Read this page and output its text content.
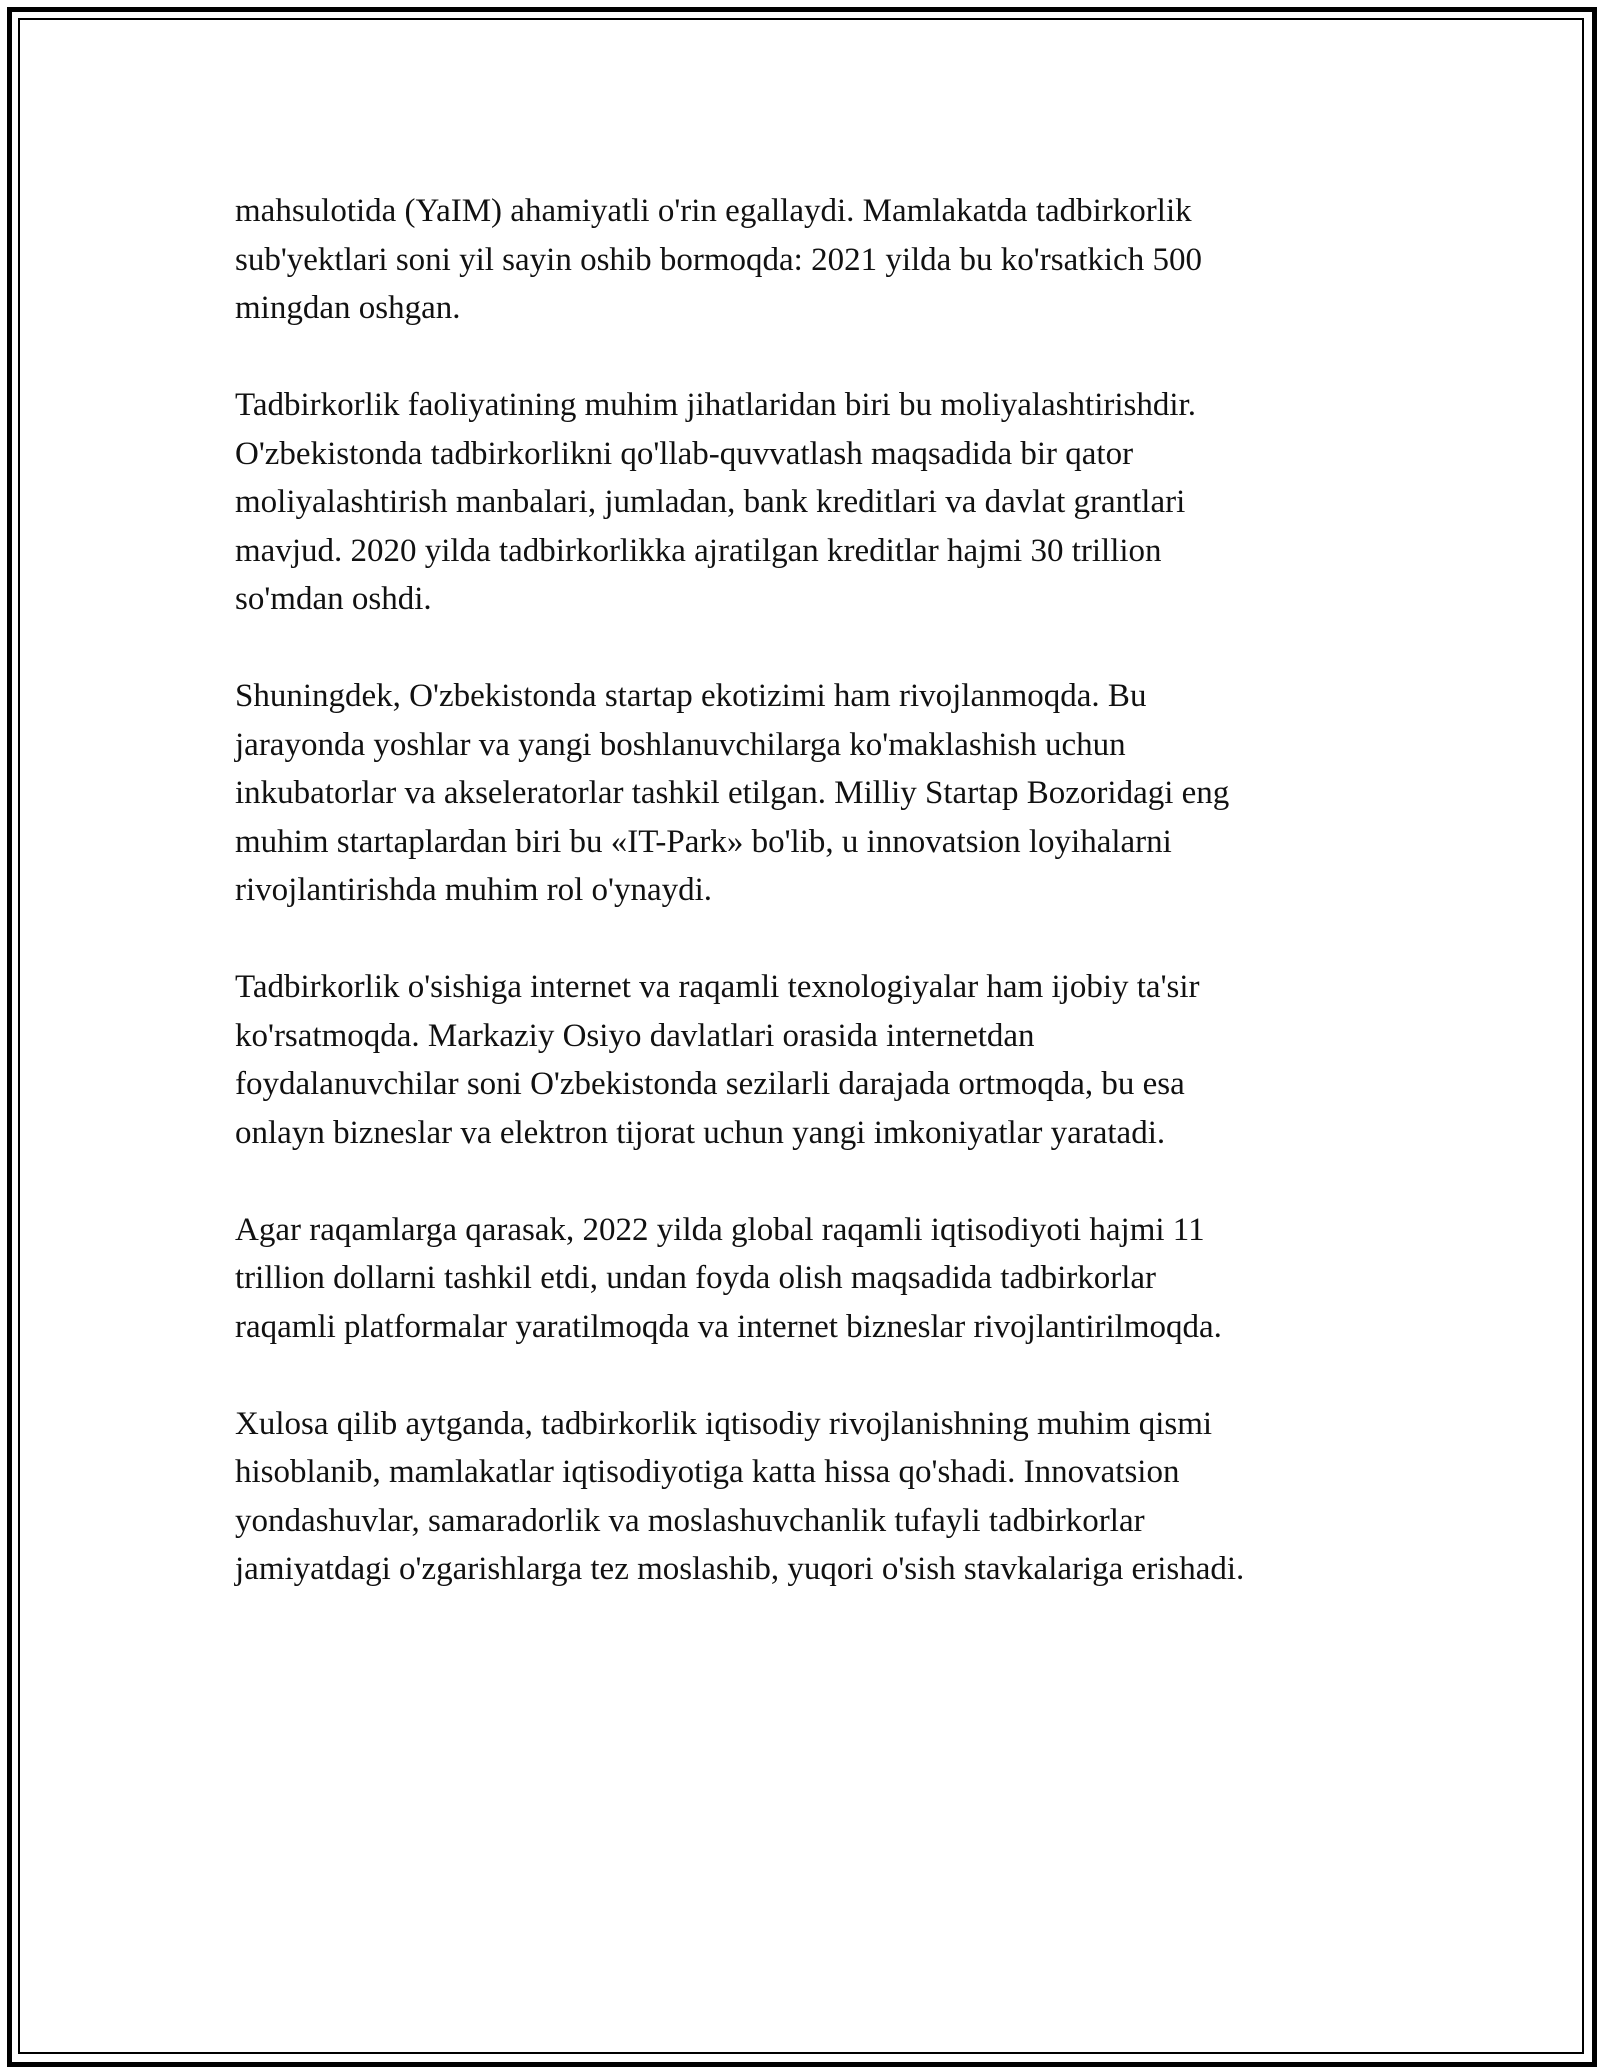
mahsulotida (YaIM) ahamiyatli o'rin egallaydi. Mamlakatda tadbirkorlik
sub'yektlari soni yil sayin oshib bormoqda: 2021 yilda bu ko'rsatkich 500
mingdan oshgan.

Tadbirkorlik faoliyatining muhim jihatlaridan biri bu moliyalashtirishdir.
O'zbekistonda tadbirkorlikni qo'llab-quvvatlash maqsadida bir qator
moliyalashtirish manbalari, jumladan, bank kreditlari va davlat grantlari
mavjud. 2020 yilda tadbirkorlikka ajratilgan kreditlar hajmi 30 trillion
so'mdan oshdi.

Shuningdek, O'zbekistonda startap ekotizimi ham rivojlanmoqda. Bu
jarayonda yoshlar va yangi boshlanuvchilarga ko'maklashish uchun
inkubatorlar va akseleratorlar tashkil etilgan. Milliy Startap Bozoridagi eng
muhim startaplardan biri bu «IT-Park» bo'lib, u innovatsion loyihalarni
rivojlantirishda muhim rol o'ynaydi.

Tadbirkorlik o'sishiga internet va raqamli texnologiyalar ham ijobiy ta'sir
ko'rsatmoqda. Markaziy Osiyo davlatlari orasida internetdan
foydalanuvchilar soni O'zbekistonda sezilarli darajada ortmoqda, bu esa
onlayn bizneslar va elektron tijorat uchun yangi imkoniyatlar yaratadi.

Agar raqamlarga qarasak, 2022 yilda global raqamli iqtisodiyoti hajmi 11
trillion dollarni tashkil etdi, undan foyda olish maqsadida tadbirkorlar
raqamli platformalar yaratilmoqda va internet bizneslar rivojlantirilmoqda.

Xulosa qilib aytganda, tadbirkorlik iqtisodiy rivojlanishning muhim qismi
hisoblanib, mamlakatlar iqtisodiyotiga katta hissa qo'shadi. Innovatsion
yondashuvlar, samaradorlik va moslashuvchanlik tufayli tadbirkorlar
jamiyatdagi o'zgarishlarga tez moslashib, yuqori o'sish stavkalariga erishadi.
